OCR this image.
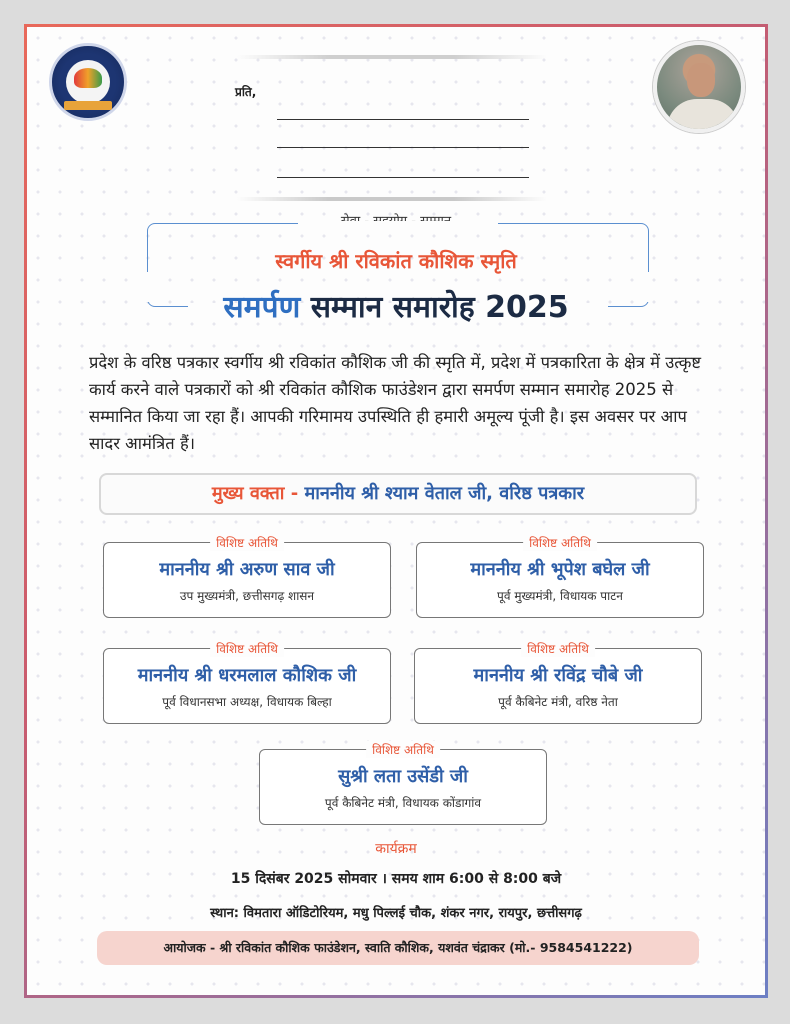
प्रति,
स्वर्गीय श्री रविकांत कौशिक स्मृति
समर्पण सम्मान समारोह 2025
प्रदेश के वरिष्ठ पत्रकार स्वर्गीय श्री रविकांत कौशिक जी की स्मृति में, प्रदेश में पत्रकारिता के क्षेत्र में उत्कृष्ट कार्य करने वाले पत्रकारों को श्री रविकांत कौशिक फाउंडेशन द्वारा समर्पण सम्मान समारोह 2025 से सम्मानित किया जा रहा हैं। आपकी गरिमामय उपस्थिति ही हमारी अमूल्य पूंजी है। इस अवसर पर आप सादर आमंत्रित हैं।
मुख्य वक्ता - माननीय श्री श्याम वेताल जी, वरिष्ठ पत्रकार
विशिष्ट अतिथि
माननीय श्री अरुण साव जी
उप मुख्यमंत्री, छत्तीसगढ़ शासन
विशिष्ट अतिथि
माननीय श्री भूपेश बघेल जी
पूर्व मुख्यमंत्री, विधायक पाटन
विशिष्ट अतिथि
माननीय श्री धरमलाल कौशिक जी
पूर्व विधानसभा अध्यक्ष, विधायक बिल्हा
विशिष्ट अतिथि
माननीय श्री रविंद्र चौबे जी
पूर्व कैबिनेट मंत्री, वरिष्ठ नेता
विशिष्ट अतिथि
सुश्री लता उसेंडी जी
पूर्व कैबिनेट मंत्री, विधायक कोंडागांव
कार्यक्रम
15 दिसंबर 2025 सोमवार । समय शाम 6:00 से 8:00 बजे
स्थान: विमतारा ऑडिटोरियम, मधु पिल्लई चौक, शंकर नगर, रायपुर, छत्तीसगढ़
आयोजक - श्री रविकांत कौशिक फाउंडेशन, स्वाति कौशिक, यशवंत चंद्राकर (मो.- 9584541222)
